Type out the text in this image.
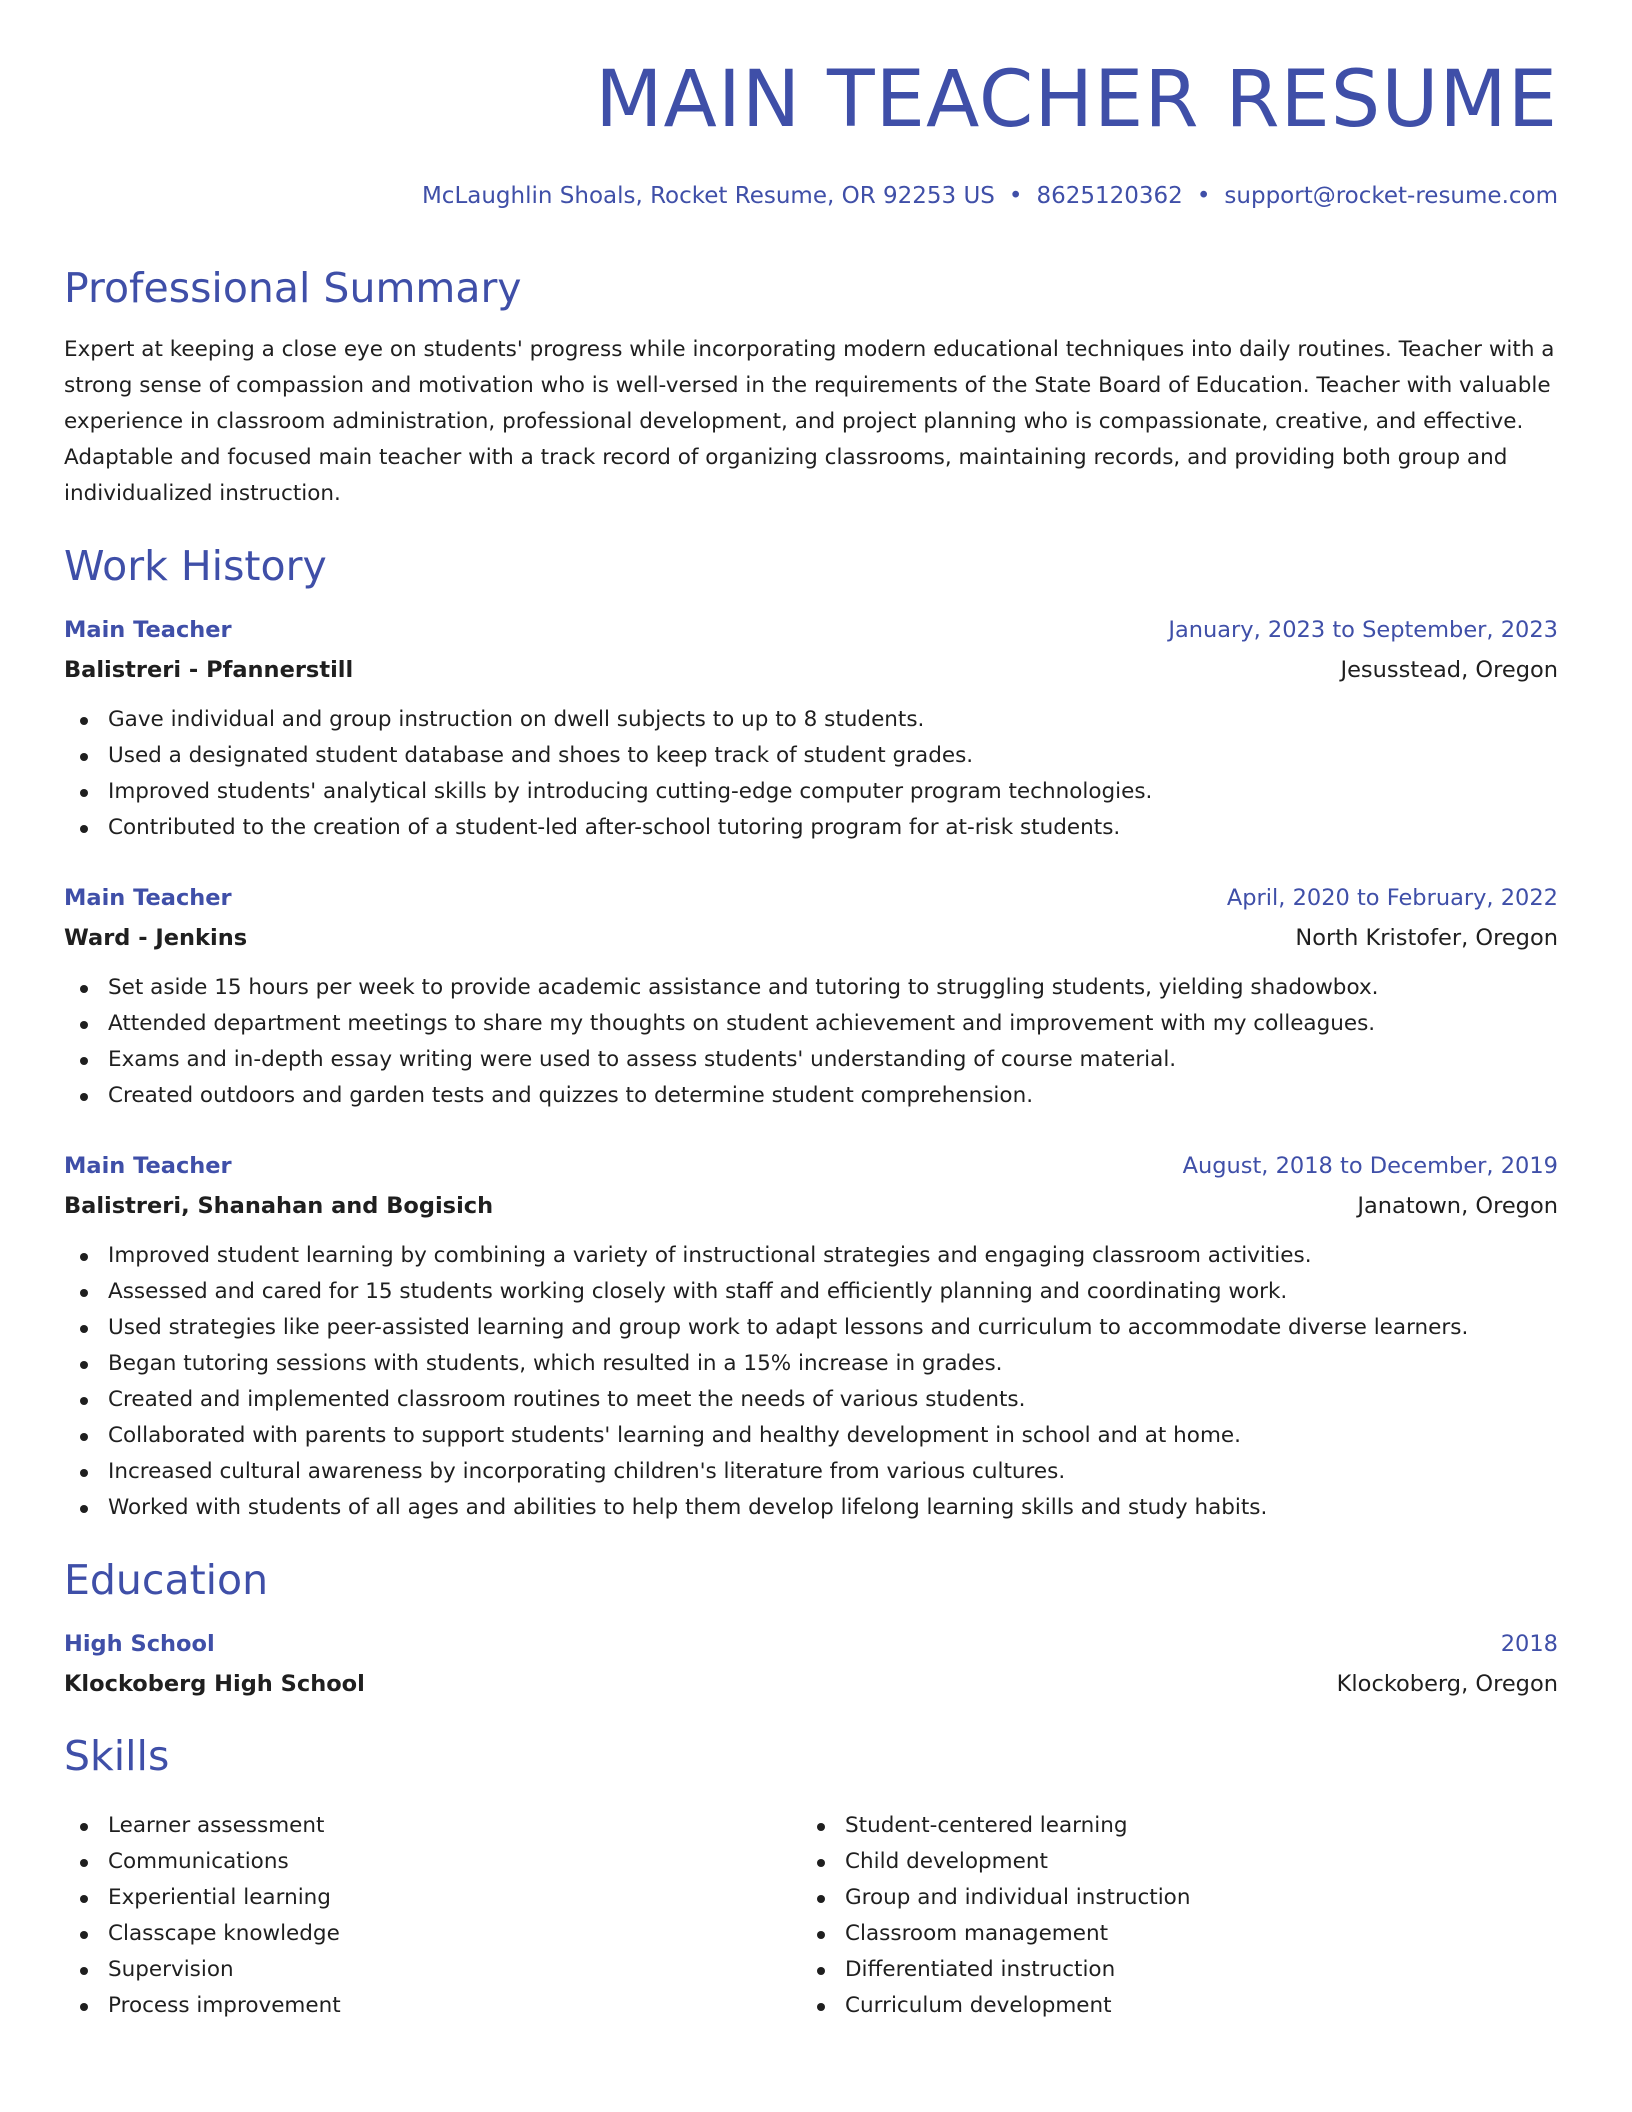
MAIN TEACHER RESUME
McLaughlin Shoals, Rocket Resume, OR 92253 US • 8625120362 • support@rocket-resume.com
Professional Summary

Expert at keeping a close eye on students' progress while incorporating modern educational techniques into daily routines. Teacher with a strong sense of compassion and motivation who is well-versed in the requirements of the State Board of Education. Teacher with valuable experience in classroom administration, professional development, and project planning who is compassionate, creative, and effective. Adaptable and focused main teacher with a track record of organizing classrooms, maintaining records, and providing both group and individualized instruction.

Work History
Main Teacher	January, 2023 to September, 2023
Balistreri - Pfannerstill	Jesusstead, Oregon
Gave individual and group instruction on dwell subjects to up to 8 students.
Used a designated student database and shoes to keep track of student grades.
Improved students' analytical skills by introducing cutting-edge computer program technologies.
Contributed to the creation of a student-led after-school tutoring program for at-risk students.
Main Teacher	April, 2020 to February, 2022
Ward - Jenkins	North Kristofer, Oregon
Set aside 15 hours per week to provide academic assistance and tutoring to struggling students, yielding shadowbox.
Attended department meetings to share my thoughts on student achievement and improvement with my colleagues.
Exams and in-depth essay writing were used to assess students' understanding of course material.
Created outdoors and garden tests and quizzes to determine student comprehension.
Main Teacher	August, 2018 to December, 2019
Balistreri, Shanahan and Bogisich	Janatown, Oregon
Improved student learning by combining a variety of instructional strategies and engaging classroom activities.
Assessed and cared for 15 students working closely with staff and efficiently planning and coordinating work.
Used strategies like peer-assisted learning and group work to adapt lessons and curriculum to accommodate diverse learners.
Began tutoring sessions with students, which resulted in a 15% increase in grades.
Created and implemented classroom routines to meet the needs of various students.
Collaborated with parents to support students' learning and healthy development in school and at home.
Increased cultural awareness by incorporating children's literature from various cultures.
Worked with students of all ages and abilities to help them develop lifelong learning skills and study habits.
Education
High School	2018
Klockoberg High School	Klockoberg, Oregon
Skills
Learner assessment
Communications
Experiential learning
Classcape knowledge
Supervision
Process improvement
Student-centered learning
Child development
Group and individual instruction
Classroom management
Differentiated instruction
Curriculum development
